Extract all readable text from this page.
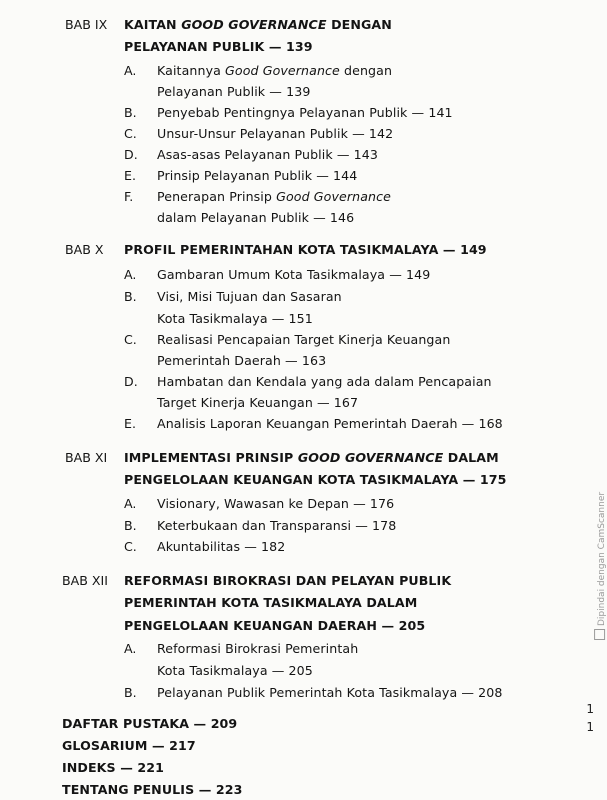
BAB IX KAITAN GOOD GOVERNANCE DENGAN
PELAYANAN PUBLIK — 139
A. Kaitannya Good Governance dengan
Pelayanan Publik — 139
B. Penyebab Pentingnya Pelayanan Publik — 141
C. Unsur-Unsur Pelayanan Publik — 142
D. Asas-asas Pelayanan Publik — 143
E. Prinsip Pelayanan Publik — 144
F. Penerapan Prinsip Good Governance
dalam Pelayanan Publik — 146
BAB X PROFIL PEMERINTAHAN KOTA TASIKMALAYA — 149
A. Gambaran Umum Kota Tasikmalaya — 149
B. Visi, Misi Tujuan dan Sasaran
Kota Tasikmalaya — 151
C. Realisasi Pencapaian Target Kinerja Keuangan
Pemerintah Daerah — 163
D. Hambatan dan Kendala yang ada dalam Pencapaian
Target Kinerja Keuangan — 167
E. Analisis Laporan Keuangan Pemerintah Daerah — 168
BAB XI IMPLEMENTASI PRINSIP GOOD GOVERNANCE DALAM
PENGELOLAAN KEUANGAN KOTA TASIKMALAYA — 175
A. Visionary, Wawasan ke Depan — 176
B. Keterbukaan dan Transparansi — 178
C. Akuntabilitas — 182
BAB XII REFORMASI BIROKRASI DAN PELAYAN PUBLIK
PEMERINTAH KOTA TASIKMALAYA DALAM
PENGELOLAAN KEUANGAN DAERAH — 205
A. Reformasi Birokrasi Pemerintah
Kota Tasikmalaya — 205
B. Pelayanan Publik Pemerintah Kota Tasikmalaya — 208
DAFTAR PUSTAKA — 209
GLOSARIUM — 217
INDEKS — 221
TENTANG PENULIS — 223
Dipindai dengan CamScanner
1
1
